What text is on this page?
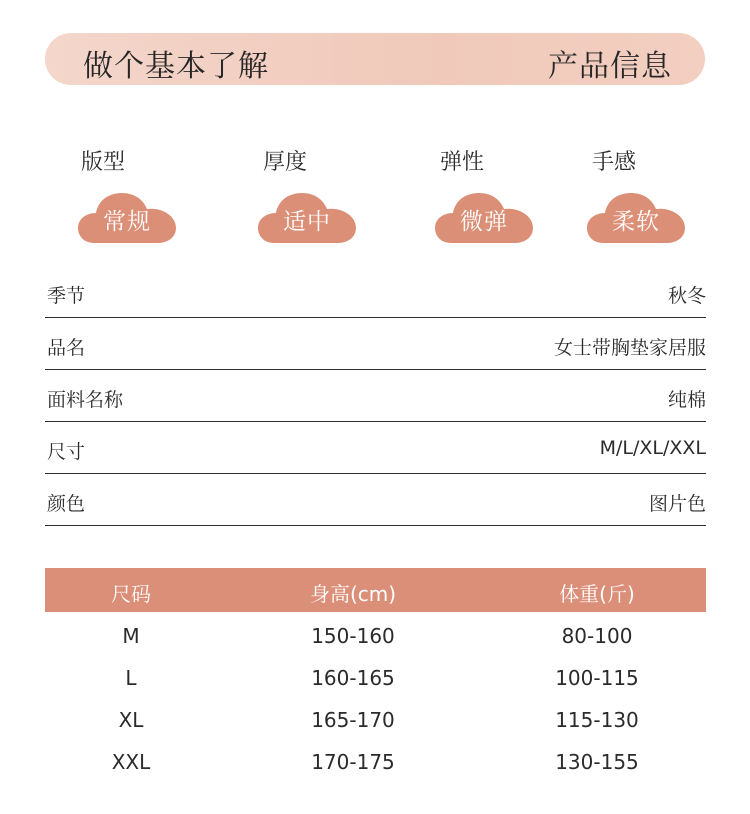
做个基本了解	产品信息
版型
常规
厚度
适中
弹性
微弹
手感
柔软
季节	秋冬
品名	女士带胸垫家居服
面料名称	纯棉
尺寸	M/L/XL/XXL
颜色	图片色
尺码	身高(cm)	体重(斤)
M	150-160	80-100
L	160-165	100-115
XL	165-170	115-130
XXL	170-175	130-155
